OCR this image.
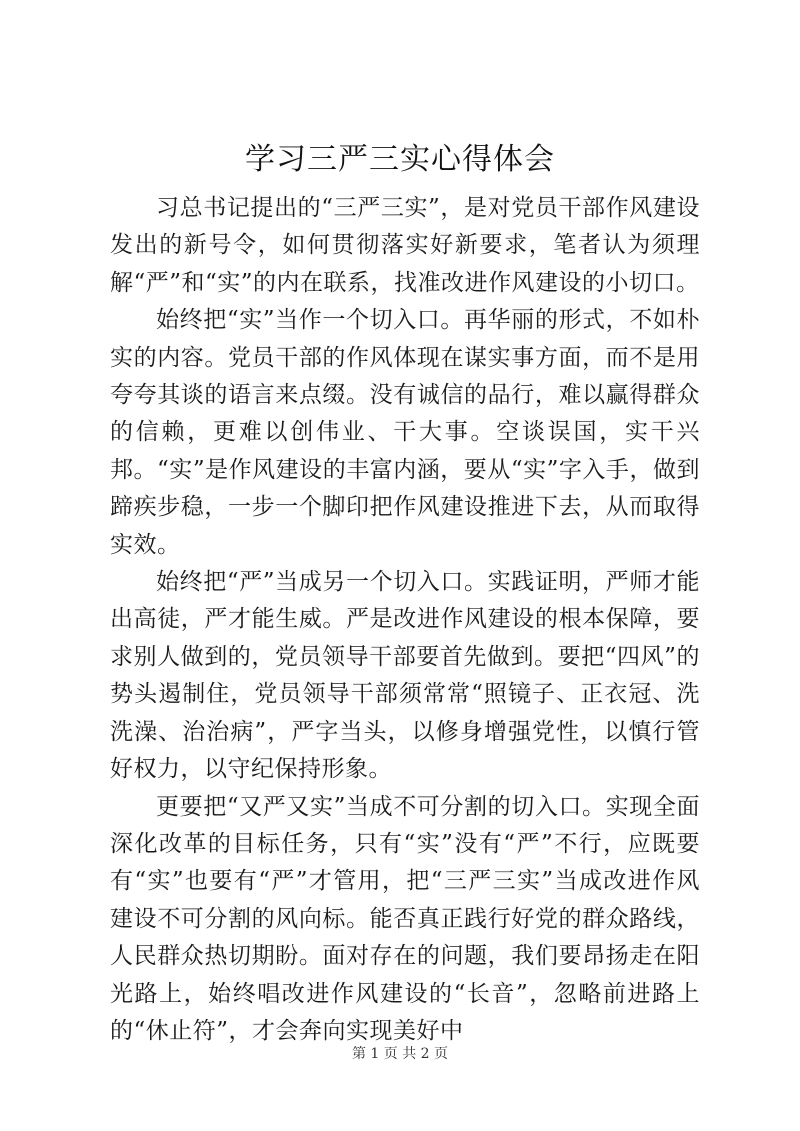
学习三严三实心得体会

习总书记提出的“三严三实”，是对党员干部作风建设发出的新号令，如何贯彻落实好新要求，笔者认为须理解“严”和“实”的内在联系，找准改进作风建设的小切口。

始终把“实”当作一个切入口。再华丽的形式，不如朴实的内容。党员干部的作风体现在谋实事方面，而不是用夸夸其谈的语言来点缀。没有诚信的品行，难以赢得群众的信赖，更难以创伟业、干大事。空谈误国，实干兴邦。“实”是作风建设的丰富内涵，要从“实”字入手，做到蹄疾步稳，一步一个脚印把作风建设推进下去，从而取得实效。

始终把“严”当成另一个切入口。实践证明，严师才能出高徒，严才能生威。严是改进作风建设的根本保障，要求别人做到的，党员领导干部要首先做到。要把“四风”的势头遏制住，党员领导干部须常常“照镜子、正衣冠、洗洗澡、治治病”，严字当头，以修身增强党性，以慎行管好权力，以守纪保持形象。

更要把“又严又实”当成不可分割的切入口。实现全面深化改革的目标任务，只有“实”没有“严”不行，应既要有“实”也要有“严”才管用，把“三严三实”当成改进作风建设不可分割的风向标。能否真正践行好党的群众路线，人民群众热切期盼。面对存在的问题，我们要昂扬走在阳光路上，始终唱改进作风建设的“长音”，忽略前进路上的“休止符”，才会奔向实现美好中

第 1 页 共 2 页
